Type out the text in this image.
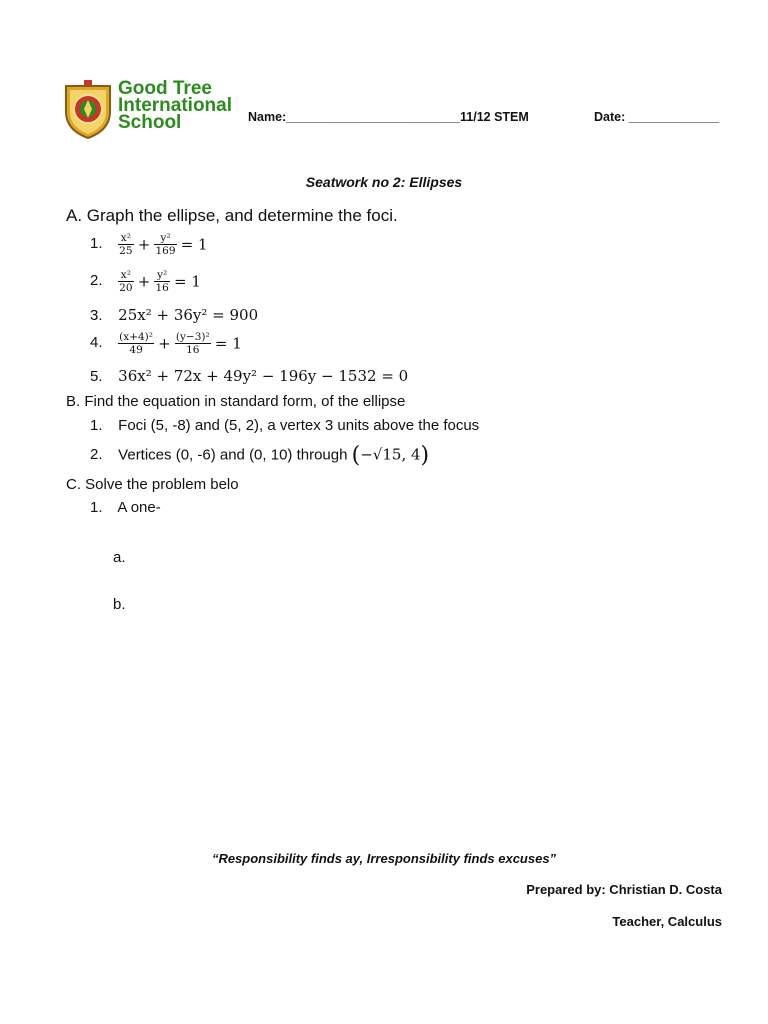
Good Tree
International
School	Name:_________________________11/12 STEM	Date: _____________
Seatwork no 2: Ellipses
A. Graph the ellipse, and determine the foci.
1. $\frac{\text{x²}}{25} + \frac{\text{y²}}{169} = 1$
2. $\frac{\text{x²}}{20} + \frac{\text{y²}}{16} = 1$
3. 25x² + 36y² = 900
4. $\frac{\text{(x+4)²}}{49} + \frac{\text{(y−3)²}}{16} = 1$
5. 36x² + 72x + 49y² − 196y − 1532 = 0
B. Find the equation in standard form, of the ellipse
1. Foci (5, -8) and (5, 2), a vertex 3 units above the focus
2. Vertices (0, -6) and (0, 10) through (−√15, 4)
C. Solve the problem belo
1. A one-
a.
b.
“Responsibility finds ay, Irresponsibility finds excuses”
Prepared by: Christian D. Costa
Teacher, Calculus
